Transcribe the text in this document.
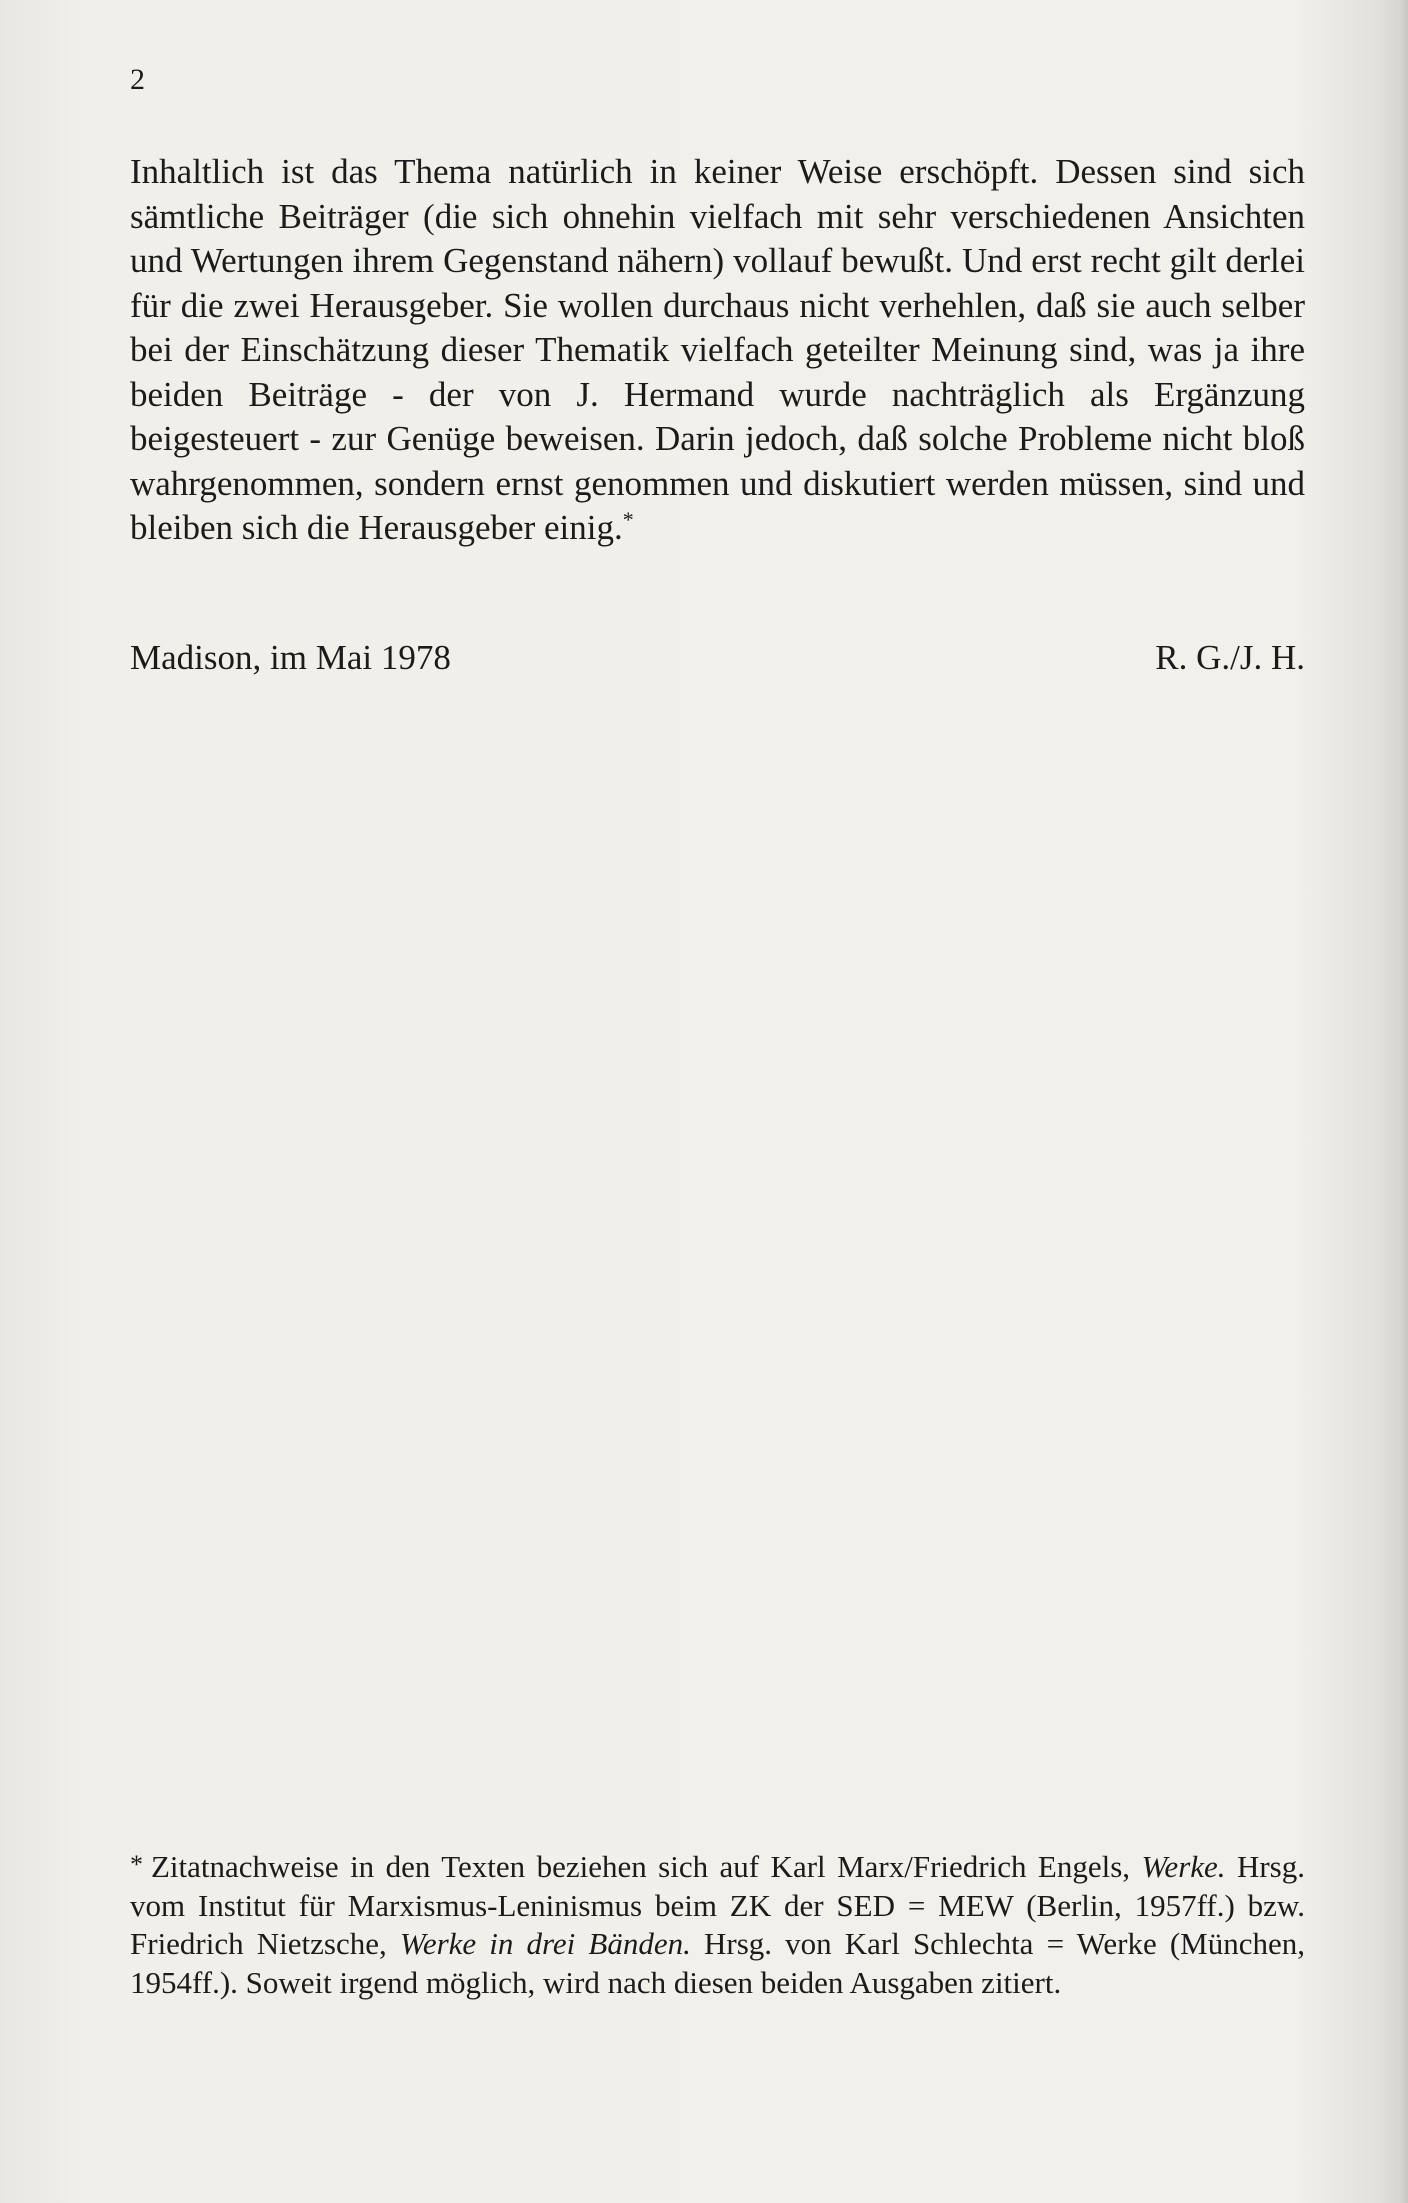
2

Inhaltlich ist das Thema natürlich in keiner Weise erschöpft. Dessen sind sich sämtliche Beiträger (die sich ohnehin vielfach mit sehr verschiedenen Ansichten und Wertungen ihrem Gegenstand nähern) vollauf bewußt. Und erst recht gilt derlei für die zwei Herausgeber. Sie wollen durchaus nicht verhehlen, daß sie auch selber bei der Einschätzung dieser Thematik vielfach geteilter Meinung sind, was ja ihre beiden Beiträge - der von J. Hermand wurde nachträglich als Ergänzung beigesteuert - zur Genüge beweisen. Darin jedoch, daß solche Probleme nicht bloß wahrgenommen, sondern ernst genommen und diskutiert werden müssen, sind und bleiben sich die Herausgeber einig.*

Madison, im Mai 1978	R. G./J. H.

* Zitatnachweise in den Texten beziehen sich auf Karl Marx/Friedrich Engels, Werke. Hrsg. vom Institut für Marxismus-Leninismus beim ZK der SED = MEW (Berlin, 1957ff.) bzw. Friedrich Nietzsche, Werke in drei Bänden. Hrsg. von Karl Schlechta = Werke (München, 1954ff.). Soweit irgend möglich, wird nach diesen beiden Ausgaben zitiert.
